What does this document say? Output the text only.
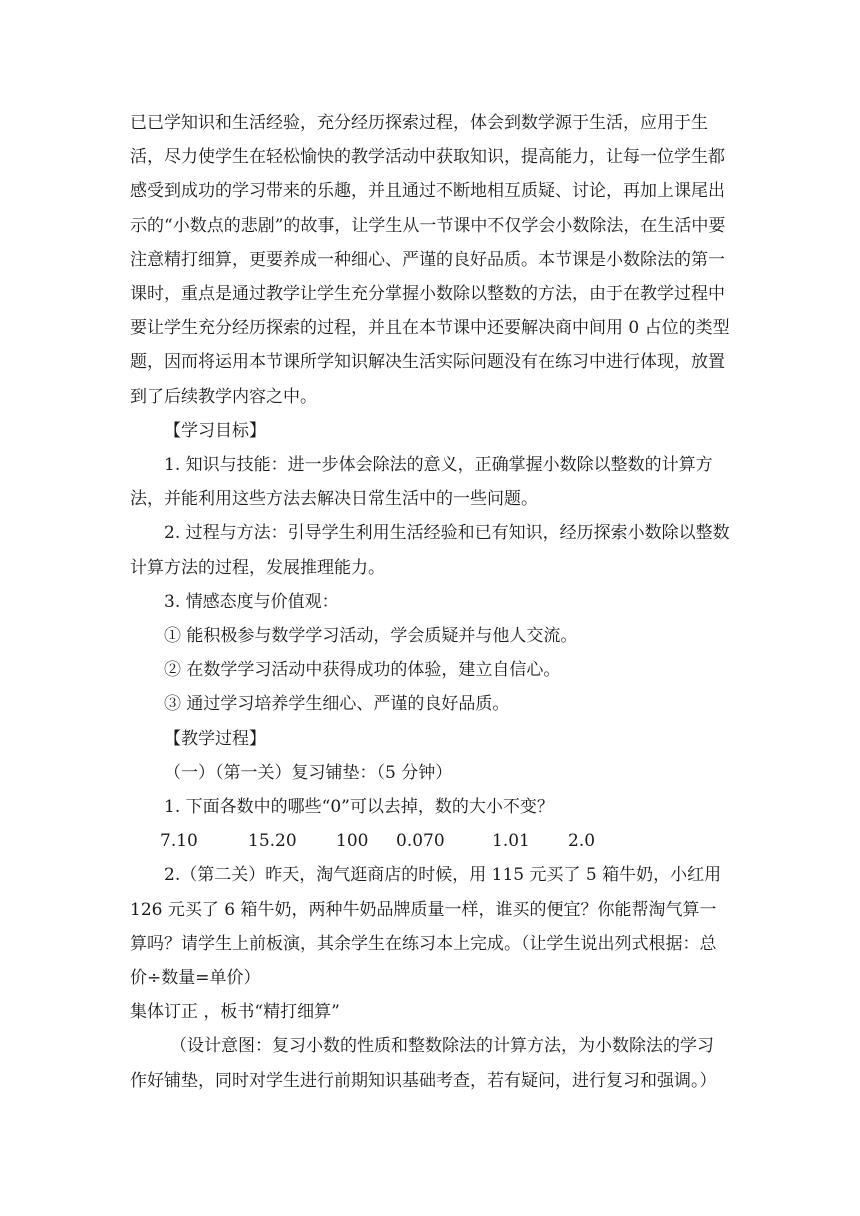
已已学知识和生活经验，充分经历探索过程，体会到数学源于生活，应用于生活，尽力使学生在轻松愉快的教学活动中获取知识，提高能力，让每一位学生都感受到成功的学习带来的乐趣，并且通过不断地相互质疑、讨论，再加上课尾出示的“小数点的悲剧”的故事，让学生从一节课中不仅学会小数除法，在生活中要注意精打细算，更要养成一种细心、严谨的良好品质。本节课是小数除法的第一课时，重点是通过教学让学生充分掌握小数除以整数的方法，由于在教学过程中要让学生充分经历探索的过程，并且在本节课中还要解决商中间用 0 占位的类型题，因而将运用本节课所学知识解决生活实际问题没有在练习中进行体现，放置到了后续教学内容之中。

【学习目标】

1. 知识与技能：进一步体会除法的意义，正确掌握小数除以整数的计算方法，并能利用这些方法去解决日常生活中的一些问题。

2. 过程与方法：引导学生利用生活经验和已有知识，经历探索小数除以整数计算方法的过程，发展推理能力。

3. 情感态度与价值观：

① 能积极参与数学学习活动，学会质疑并与他人交流。

② 在数学学习活动中获得成功的体验，建立自信心。

③ 通过学习培养学生细心、严谨的良好品质。

【教学过程】

（一）（第一关）复习铺垫：（5 分钟）

1. 下面各数中的哪些“0”可以去掉，数的大小不变？

7.10	15.20 100 0.070	1.01 2.0

2.（第二关）昨天，淘气逛商店的时候，用 115 元买了 5 箱牛奶，小红用 126 元买了 6 箱牛奶，两种牛奶品牌质量一样，谁买的便宜？你能帮淘气算一算吗？请学生上前板演，其余学生在练习本上完成。（让学生说出列式根据：总价÷数量=单价）

集体订正 ，板书“精打细算”

（设计意图：复习小数的性质和整数除法的计算方法，为小数除法的学习作好铺垫，同时对学生进行前期知识基础考查，若有疑问，进行复习和强调。）
